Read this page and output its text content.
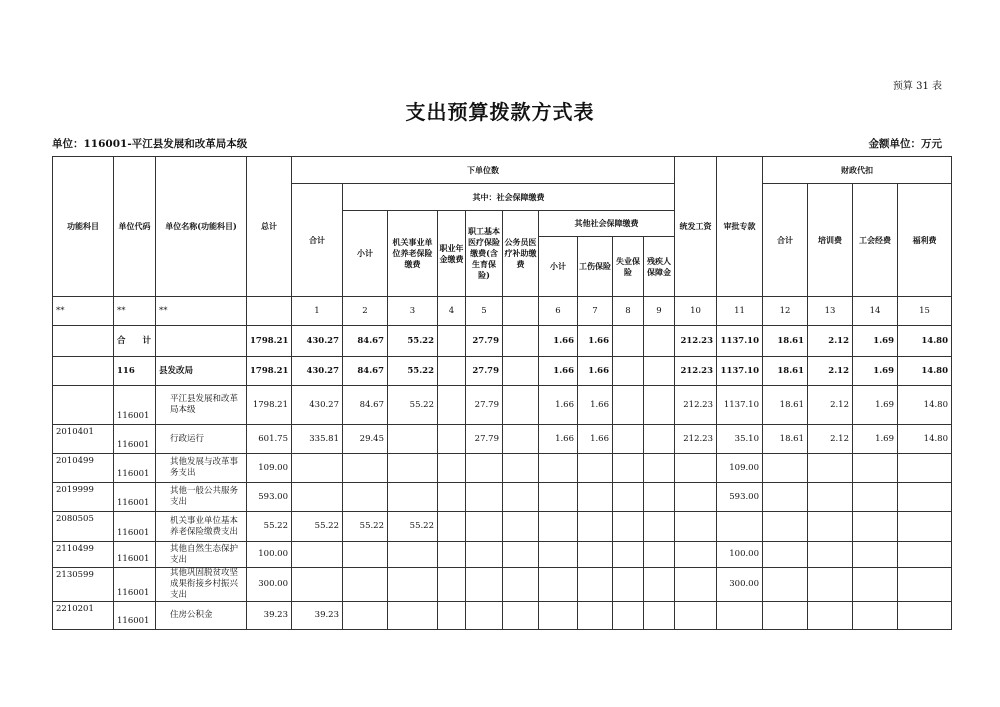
预算 31 表
支出预算拨款方式表
单位：116001-平江县发展和改革局本级	金额单位：万元
功能科目	单位代码	单位名称(功能科目)	总计	下单位数										统发工资	审批专款	财政代扣			
				合计	其中：社会保障缴费											合计	培训费	工会经费	福利费
					小计	机关事业单位养老保险缴费	职业年金缴费	职工基本医疗保险缴费(含生育保险)	公务员医疗补助缴费	其他社会保障缴费									
										小计	工伤保险	失业保险	残疾人保障金						

**	**	**		1	2	3	4	5		6	7	8	9	10	11	12	13	14	15
	合　　计		1798.21	430.27	84.67	55.22		27.79		1.66	1.66			212.23	1137.10	18.61	2.12	1.69	14.80
	116	县发改局	1798.21	430.27	84.67	55.22		27.79		1.66	1.66			212.23	1137.10	18.61	2.12	1.69	14.80
	116001	平江县发展和改革局本级	1798.21	430.27	84.67	55.22		27.79		1.66	1.66			212.23	1137.10	18.61	2.12	1.69	14.80
2010401	116001	行政运行	601.75	335.81	29.45			27.79		1.66	1.66			212.23	35.10	18.61	2.12	1.69	14.80
2010499	116001	其他发展与改革事务支出	109.00												109.00				
2019999	116001	其他一般公共服务支出	593.00												593.00				
2080505	116001	机关事业单位基本养老保险缴费支出	55.22	55.22	55.22	55.22													
2110499	116001	其他自然生态保护支出	100.00												100.00				
2130599	116001	其他巩固脱贫攻坚成果衔接乡村振兴支出	300.00												300.00				
2210201	116001	住房公积金	39.23	39.23															
